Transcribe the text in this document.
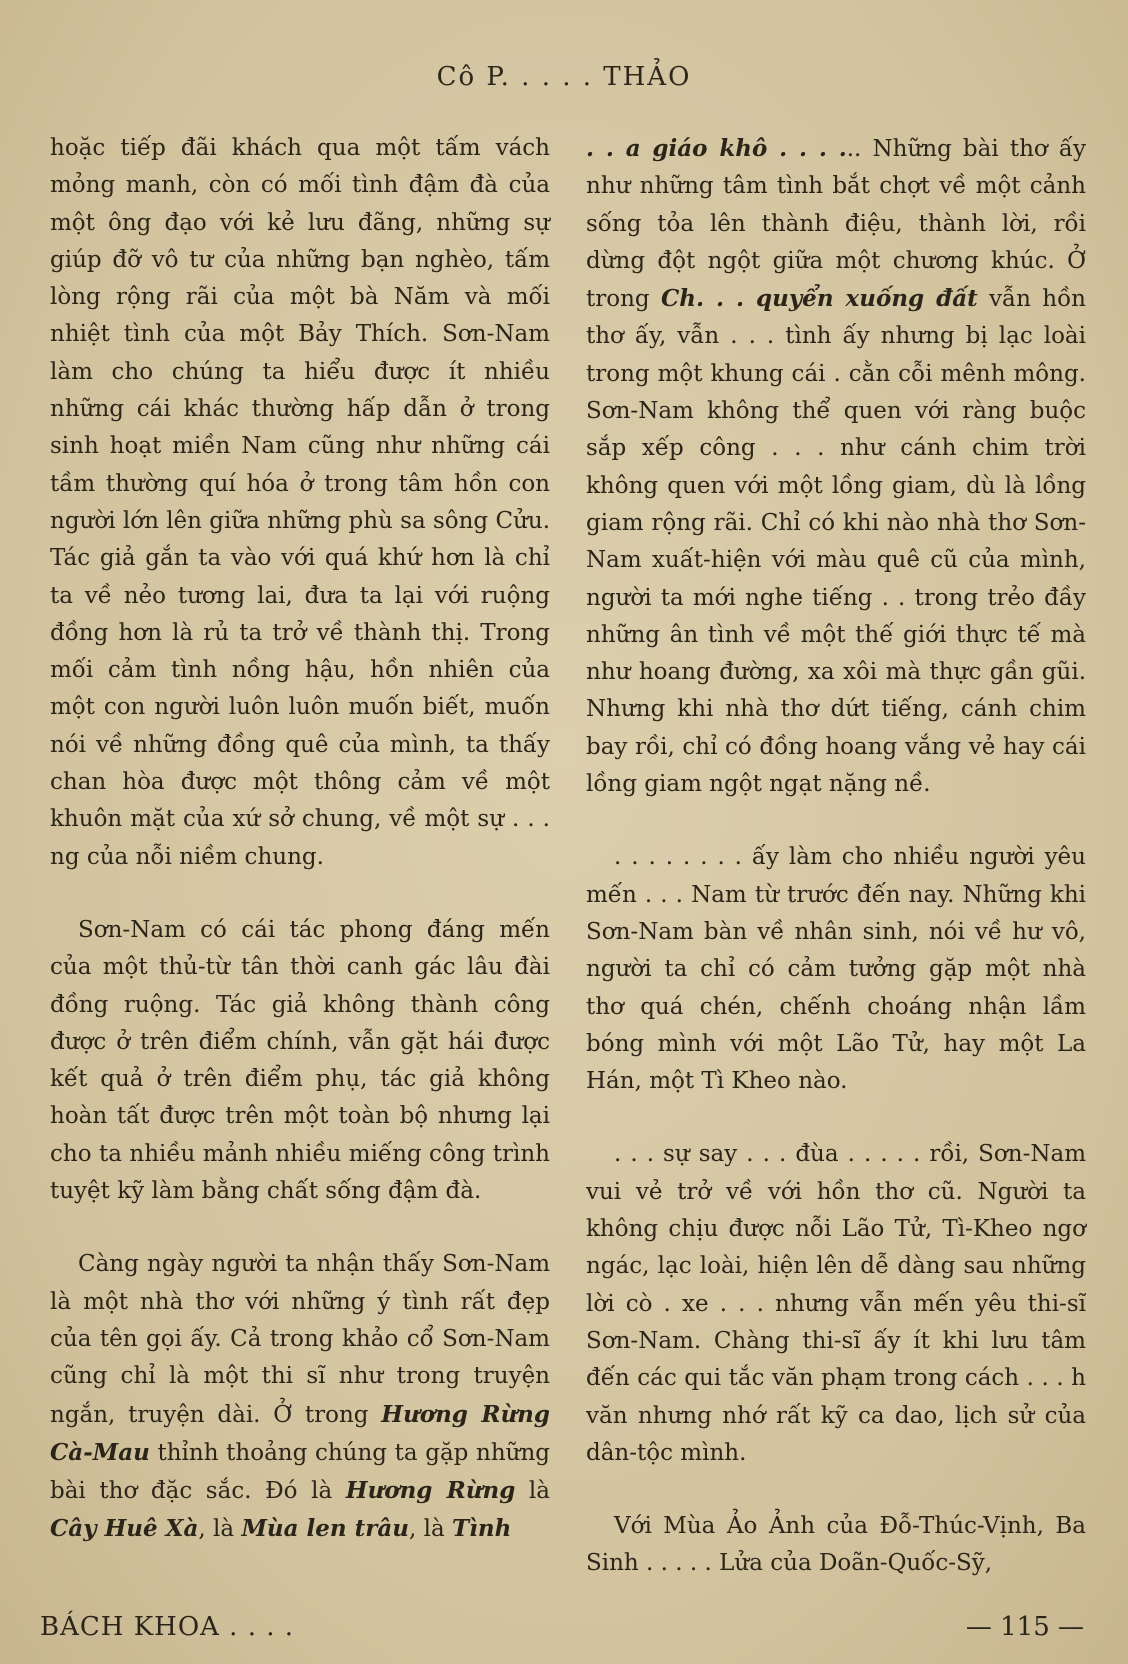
Cô P. . . . . THẢO

hoặc tiếp đãi khách qua một tấm vách mỏng manh, còn có mối tình đậm đà của một ông đạo với kẻ lưu đãng, những sự giúp đỡ vô tư của những bạn nghèo, tấm lòng rộng rãi của một bà Năm và mối nhiệt tình của một Bảy Thích. Sơn-Nam làm cho chúng ta hiểu được ít nhiều những cái khác thường hấp dẫn ở trong sinh hoạt miền Nam cũng như những cái tầm thường quí hóa ở trong tâm hồn con người lớn lên giữa những phù sa sông Cửu. Tác giả gắn ta vào với quá khứ hơn là chỉ ta về nẻo tương lai, đưa ta lại với ruộng đồng hơn là rủ ta trở về thành thị. Trong mối cảm tình nồng hậu, hồn nhiên của một con người luôn luôn muốn biết, muốn nói về những đồng quê của mình, ta thấy chan hòa được một thông cảm về một khuôn mặt của xứ sở chung, về một sự . . . ng của nỗi niềm chung.

Sơn-Nam có cái tác phong đáng mến của một thủ-từ tân thời canh gác lâu đài đồng ruộng. Tác giả không thành công được ở trên điểm chính, vẫn gặt hái được kết quả ở trên điểm phụ, tác giả không hoàn tất được trên một toàn bộ nhưng lại cho ta nhiều mảnh nhiều miếng công trình tuyệt kỹ làm bằng chất sống đậm đà.

Càng ngày người ta nhận thấy Sơn-Nam là một nhà thơ với những ý tình rất đẹp của tên gọi ấy. Cả trong khảo cổ Sơn-Nam cũng chỉ là một thi sĩ như trong truyện ngắn, truyện dài. Ở trong Hương Rừng Cà-Mau thỉnh thoảng chúng ta gặp những bài thơ đặc sắc. Đó là Hương Rừng là Cây Huê Xà, là Mùa len trâu, là Tình

. . a giáo khô . . . ... Những bài thơ ấy như những tâm tình bắt chợt về một cảnh sống tỏa lên thành điệu, thành lời, rồi dừng đột ngột giữa một chương khúc. Ở trong Ch. . . quyển xuống đất vẫn hồn thơ ấy, vẫn . . . tình ấy nhưng bị lạc loài trong một khung cái . cằn cỗi mênh mông. Sơn-Nam không thể quen với ràng buộc sắp xếp công . . . như cánh chim trời không quen với một lồng giam, dù là lồng giam rộng rãi. Chỉ có khi nào nhà thơ Sơn-Nam xuất-hiện với màu quê cũ của mình, người ta mới nghe tiếng . . trong trẻo đầy những ân tình về một thế giới thực tế mà như hoang đường, xa xôi mà thực gần gũi. Nhưng khi nhà thơ dứt tiếng, cánh chim bay rồi, chỉ có đồng hoang vắng vẻ hay cái lồng giam ngột ngạt nặng nề.

. . . . . . . . ấy làm cho nhiều người yêu mến . . . Nam từ trước đến nay. Những khi Sơn-Nam bàn về nhân sinh, nói về hư vô, người ta chỉ có cảm tưởng gặp một nhà thơ quá chén, chếnh choáng nhận lầm bóng mình với một Lão Tử, hay một La Hán, một Tì Kheo nào.

. . . sự say . . . đùa . . . . . rồi, Sơn-Nam vui vẻ trở về với hồn thơ cũ. Người ta không chịu được nỗi Lão Tử, Tì-Kheo ngơ ngác, lạc loài, hiện lên dễ dàng sau những lời cò . xe . . . nhưng vẫn mến yêu thi-sĩ Sơn-Nam. Chàng thi-sĩ ấy ít khi lưu tâm đến các qui tắc văn phạm trong cách . . . h văn nhưng nhớ rất kỹ ca dao, lịch sử của dân-tộc mình.

Với Mùa Ảo Ảnh của Đỗ-Thúc-Vịnh, Ba Sinh . . . . . Lửa của Doãn-Quốc-Sỹ,

BÁCH KHOA . . . .	— 115 —
